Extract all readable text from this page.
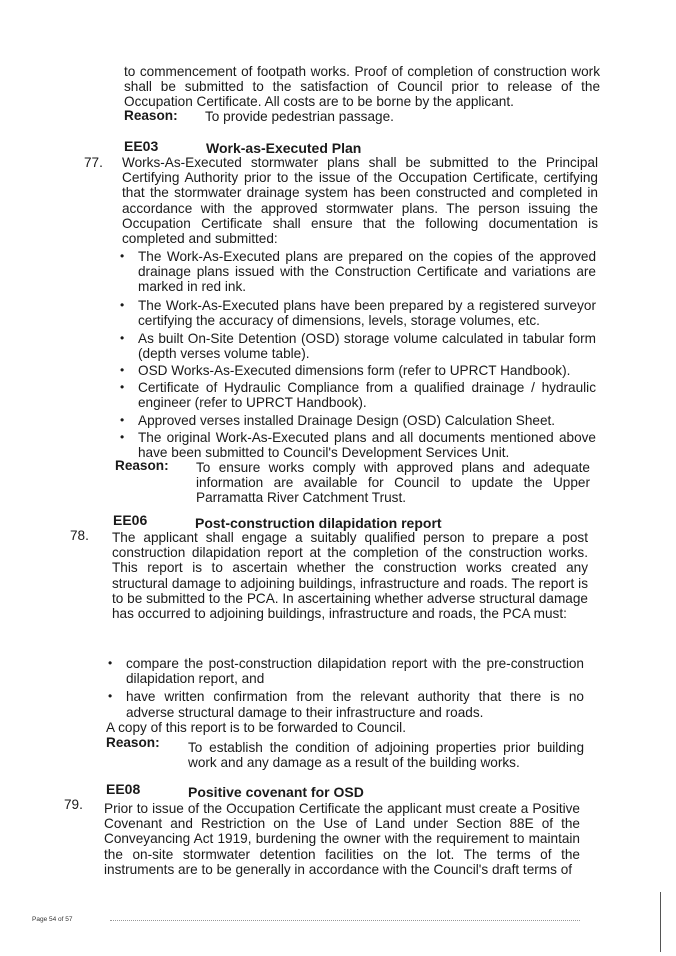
to commencement of footpath works. Proof of completion of construction work shall be submitted to the satisfaction of Council prior to release of the Occupation Certificate. All costs are to be borne by the applicant.

Reason: To provide pedestrian passage.
EE03	Work-as-Executed Plan
77. Works-As-Executed stormwater plans shall be submitted to the Principal Certifying Authority prior to the issue of the Occupation Certificate, certifying that the stormwater drainage system has been constructed and completed in accordance with the approved stormwater plans. The person issuing the Occupation Certificate shall ensure that the following documentation is completed and submitted:
• The Work-As-Executed plans are prepared on the copies of the approved drainage plans issued with the Construction Certificate and variations are marked in red ink.
• The Work-As-Executed plans have been prepared by a registered surveyor certifying the accuracy of dimensions, levels, storage volumes, etc.
• As built On-Site Detention (OSD) storage volume calculated in tabular form (depth verses volume table).
• OSD Works-As-Executed dimensions form (refer to UPRCT Handbook).
• Certificate of Hydraulic Compliance from a qualified drainage / hydraulic engineer (refer to UPRCT Handbook).
• Approved verses installed Drainage Design (OSD) Calculation Sheet.
• The original Work-As-Executed plans and all documents mentioned above have been submitted to Council's Development Services Unit.
Reason: To ensure works comply with approved plans and adequate information are available for Council to update the Upper Parramatta River Catchment Trust.
EE06	Post-construction dilapidation report
78. The applicant shall engage a suitably qualified person to prepare a post construction dilapidation report at the completion of the construction works. This report is to ascertain whether the construction works created any structural damage to adjoining buildings, infrastructure and roads. The report is to be submitted to the PCA. In ascertaining whether adverse structural damage has occurred to adjoining buildings, infrastructure and roads, the PCA must:
• compare the post-construction dilapidation report with the pre-construction dilapidation report, and
• have written confirmation from the relevant authority that there is no adverse structural damage to their infrastructure and roads.
A copy of this report is to be forwarded to Council.
Reason: To establish the condition of adjoining properties prior building work and any damage as a result of the building works.
EE08	Positive covenant for OSD
79. Prior to issue of the Occupation Certificate the applicant must create a Positive Covenant and Restriction on the Use of Land under Section 88E of the Conveyancing Act 1919, burdening the owner with the requirement to maintain the on-site stormwater detention facilities on the lot. The terms of the instruments are to be generally in accordance with the Council's draft terms of
Page 54 of 57
